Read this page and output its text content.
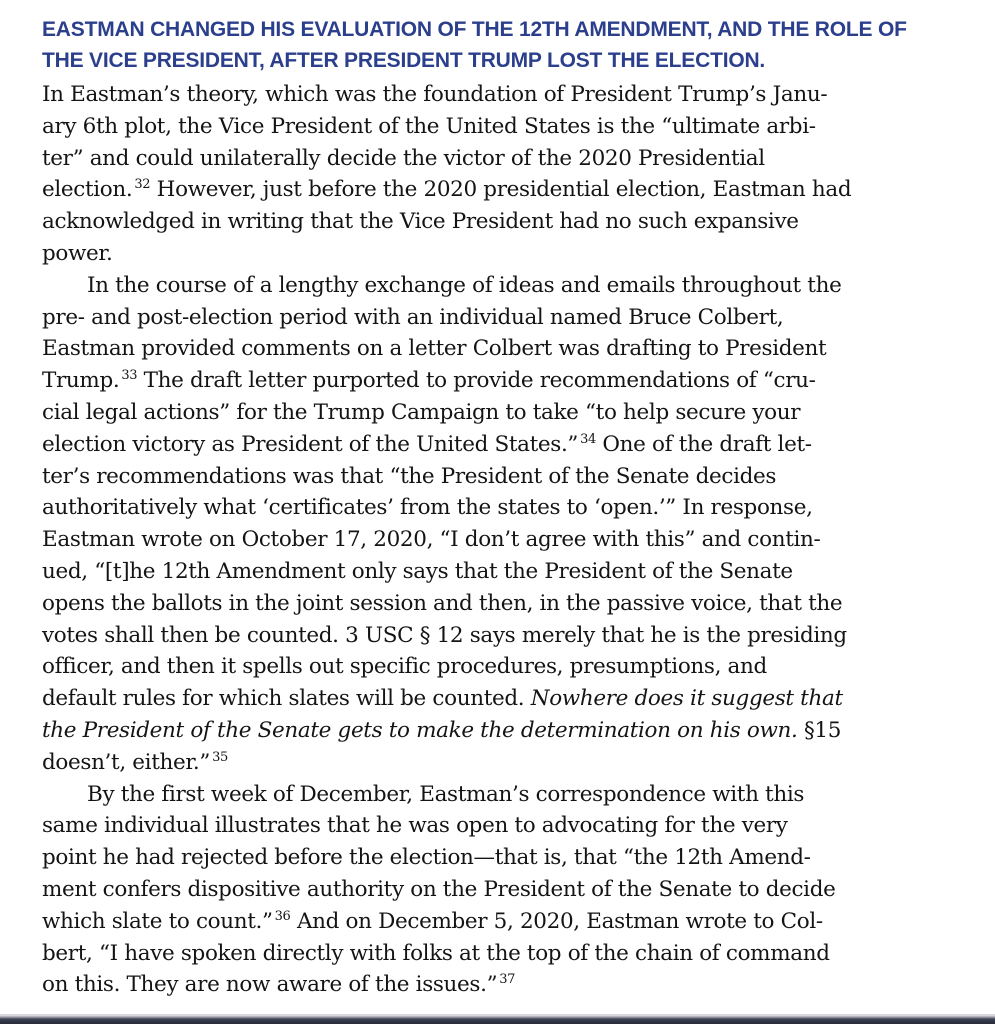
EASTMAN CHANGED HIS EVALUATION OF THE 12TH AMENDMENT, AND THE ROLE OF
THE VICE PRESIDENT, AFTER PRESIDENT TRUMP LOST THE ELECTION.

In Eastman’s theory, which was the foundation of President Trump’s Janu-
ary 6th plot, the Vice President of the United States is the “ultimate arbi-
ter” and could unilaterally decide the victor of the 2020 Presidential
election. $^{32}$ However, just before the 2020 presidential election, Eastman had
acknowledged in writing that the Vice President had no such expansive
power.

In the course of a lengthy exchange of ideas and emails throughout the
pre- and post-election period with an individual named Bruce Colbert,
Eastman provided comments on a letter Colbert was drafting to President
Trump. $^{33}$ The draft letter purported to provide recommendations of “cru-
cial legal actions” for the Trump Campaign to take “to help secure your
election victory as President of the United States.” $^{34}$ One of the draft let-
ter’s recommendations was that “the President of the Senate decides
authoritatively what ‘certificates’ from the states to ‘open.’” In response,
Eastman wrote on October 17, 2020, “I don’t agree with this” and contin-
ued, “[t]he 12th Amendment only says that the President of the Senate
opens the ballots in the joint session and then, in the passive voice, that the
votes shall then be counted. 3 USC § 12 says merely that he is the presiding
officer, and then it spells out specific procedures, presumptions, and
default rules for which slates will be counted. Nowhere does it suggest that
the President of the Senate gets to make the determination on his own. §15
doesn’t, either.” $^{35}$

By the first week of December, Eastman’s correspondence with this
same individual illustrates that he was open to advocating for the very
point he had rejected before the election—that is, that “the 12th Amend-
ment confers dispositive authority on the President of the Senate to decide
which slate to count.” $^{36}$ And on December 5, 2020, Eastman wrote to Col-
bert, “I have spoken directly with folks at the top of the chain of command
on this. They are now aware of the issues.” $^{37}$
